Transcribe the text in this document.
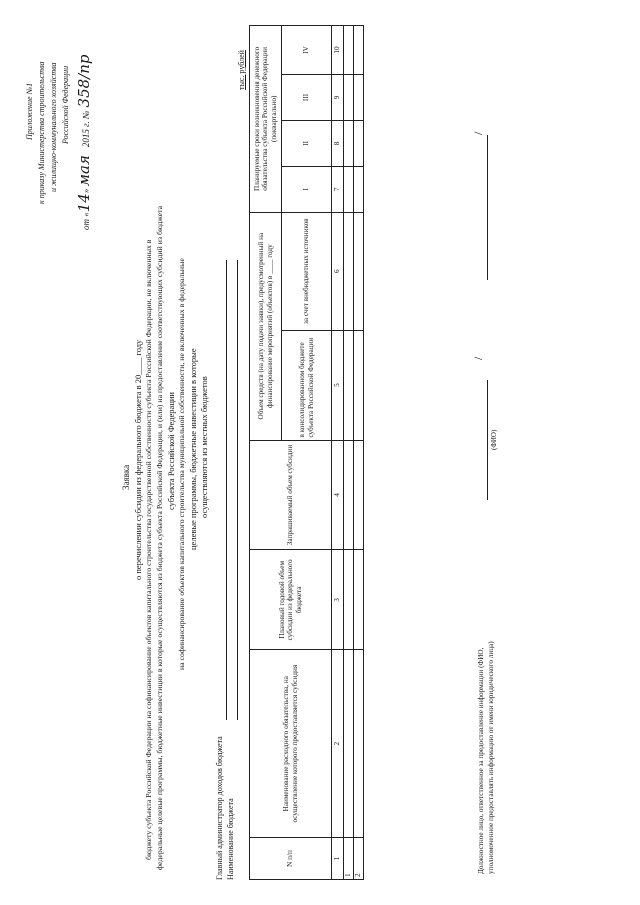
Приложение №1 к приказу Министерства строительства и жилищно-коммунального хозяйства Российской Федерации
от «14» мая2015 г. №358/пр
Заявка о перечислении субсидии из федерального бюджета в 20____ году бюджету субъекта Российской Федерации на софинансирование объектов капитального строительства государственной собственности субъекта Российской Федерации, не включенных в федеральные целевые программы, бюджетные инвестиции в которые осуществляются из бюджета субъекта Российской Федерации, и (или) на предоставление соответствующих субсидий из бюджета субъекта Российской Федерации на софинансирование объектов капитального строительства муниципальной собственности, не включенных в федеральные целевые программы, бюджетные инвестиции в которые осуществляются из местных бюджетов
Главный администратор доходов бюджета Наименование бюджета
тыс. рублей
N п/п	Наименование расходного обязательства, на осуществление которого предоставляется субсидия	Плановый годовой объем субсидии из федерального бюджета	Запрашиваемый объем субсидии	Объем средств (на дату подачи заявки), предусмотренный на финансирование мероприятий (объектов) в ____ году		Планируемые сроки возникновения денежного обязательства субъекта Российской Федерации (поквартально)			
				в консолидированном бюджете субъекта Российской Федерации	за счет внебюджетных источников	I	II	III	IV
1	2	3	4	5	6	7	8	9	10
1									
2									
Должностное лицо, ответственное за предоставление информации (ФИО, уполномоченное предоставлять информацию от имени юридического лица)
(ФИО)
/
/
